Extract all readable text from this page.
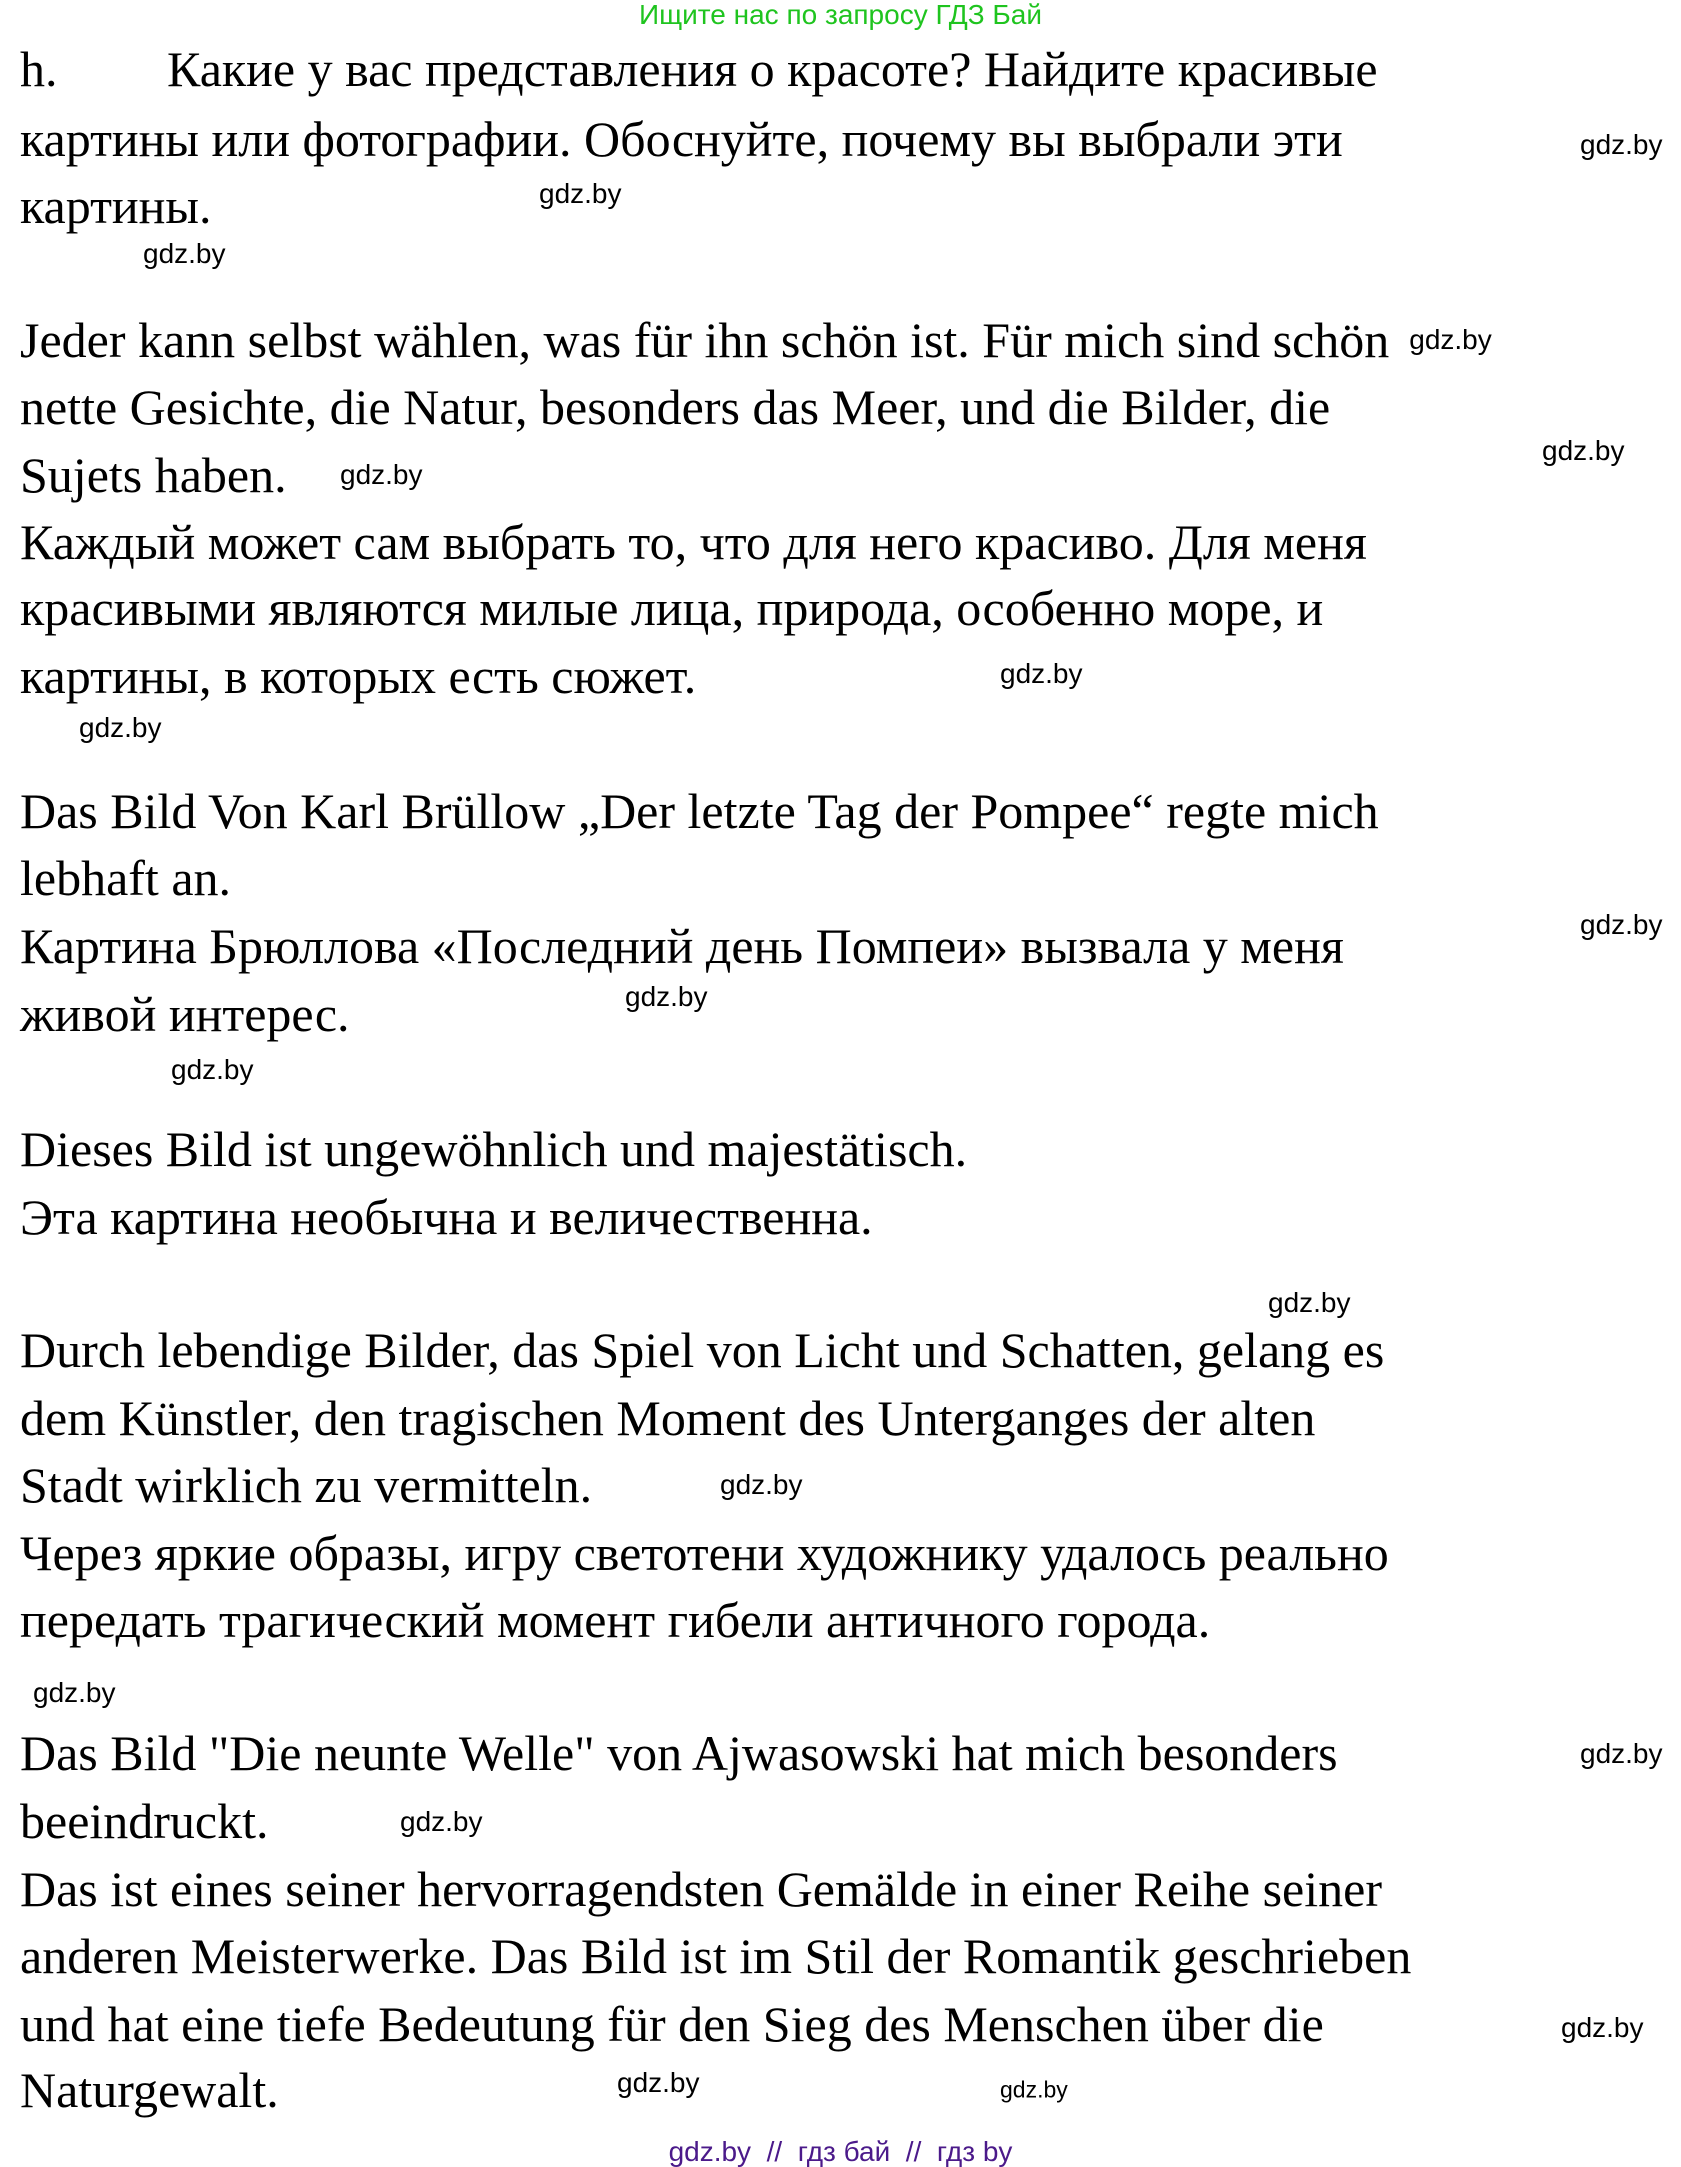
Ищите нас по запросу ГДЗ Бай
h. Какие у вас представления о красоте? Найдите красивые
картины или фотографии. Обоснуйте, почему вы выбрали эти
картины.
Jeder kann selbst wählen, was für ihn schön ist. Für mich sind schön
nette Gesichte, die Natur, besonders das Meer, und die Bilder, die
Sujets haben.
Каждый может сам выбрать то, что для него красиво. Для меня
красивыми являются милые лица, природа, особенно море, и
картины, в которых есть сюжет.
Das Bild Von Karl Brüllow „Der letzte Tag der Pompee“ regte mich
lebhaft an.
Картина Брюллова «Последний день Помпеи» вызвала у меня
живой интерес.
Dieses Bild ist ungewöhnlich und majestätisch.
Эта картина необычна и величественна.
Durch lebendige Bilder, das Spiel von Licht und Schatten, gelang es
dem Künstler, den tragischen Moment des Unterganges der alten
Stadt wirklich zu vermitteln.
Через яркие образы, игру светотени художнику удалось реально
передать трагический момент гибели античного города.
Das Bild "Die neunte Welle" von Ajwasowski hat mich besonders
beeindruckt.
Das ist eines seiner hervorragendsten Gemälde in einer Reihe seiner
anderen Meisterwerke. Das Bild ist im Stil der Romantik geschrieben
und hat eine tiefe Bedeutung für den Sieg des Menschen über die
Naturgewalt.
gdz.by
gdz.by
gdz.by
gdz.by
gdz.by
gdz.by
gdz.by
gdz.by
gdz.by
gdz.by
gdz.by
gdz.by
gdz.by
gdz.by
gdz.by
gdz.by
gdz.by
gdz.by
gdz.by
gdz.by  //  гдз бай  //  гдз by
